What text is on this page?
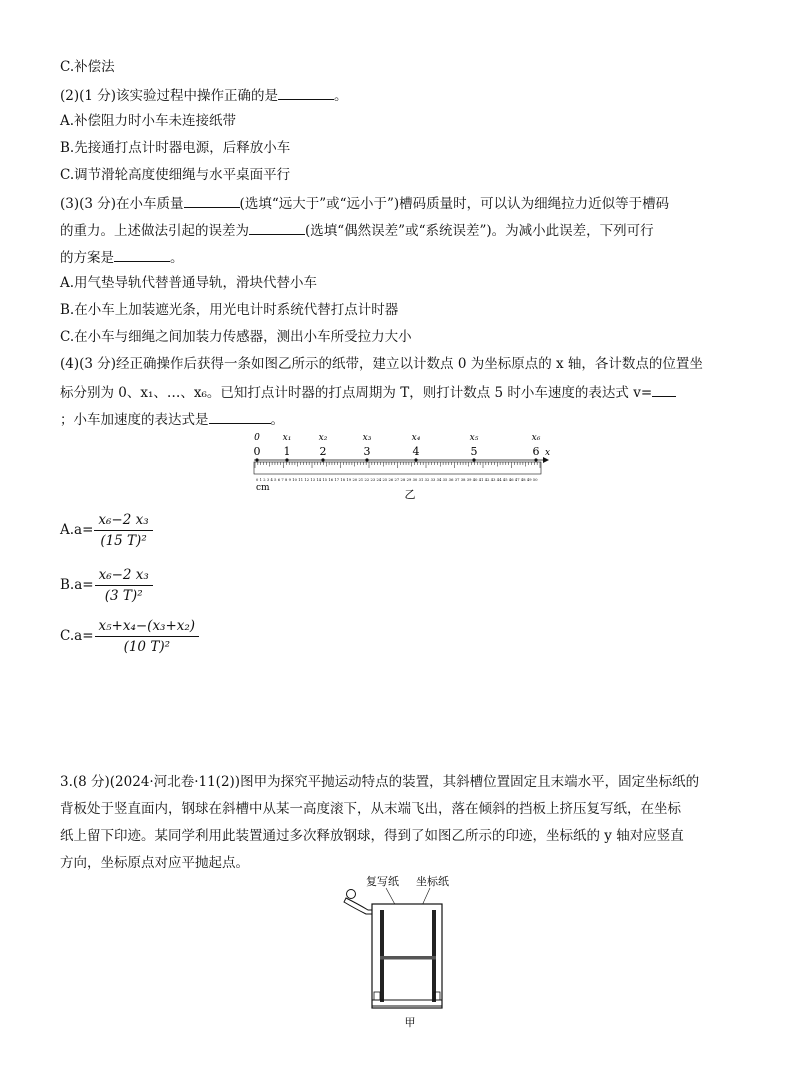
C.补偿法
(2)(1 分)该实验过程中操作正确的是	。
A.补偿阻力时小车未连接纸带
B.先接通打点计时器电源，后释放小车
C.调节滑轮高度使细绳与水平桌面平行
(3)(3 分)在小车质量	(选填“远大于”或“远小于”)槽码质量时，可以认为细绳拉力近似等于槽码
的重力。上述做法引起的误差为	(选填“偶然误差”或“系统误差”)。为减小此误差，下列可行
的方案是	。
A.用气垫导轨代替普通导轨，滑块代替小车
B.在小车上加装遮光条，用光电计时系统代替打点计时器
C.在小车与细绳之间加装力传感器，测出小车所受拉力大小
(4)(3 分)经正确操作后获得一条如图乙所示的纸带，建立以计数点 0 为坐标原点的 x 轴，各计数点的位置坐
标分别为 0、x₁、…、x₆。已知打点计时器的打点周期为 T，则打计数点 5 时小车速度的表达式 v=
；小车加速度的表达式是	。
0	x₁	x₂	x₃	x₄	x₅	x₆
0 1	2	3	4	5	6 x
0 1 2 3 4 5 6 7 8 9 10 11 12 13 14 15 16 17 18 19 20 21 22 23 24 25 26 27 28 29 30 31 32 33 34 35 36 37 38 39 40 41 42 43 44 45 46 47 48 49 50
cm	乙
$A.a= \frac{\text{x₆−2 x₃}}{\text{(15 T)²}}$
$B.a= \frac{\text{x₆−2 x₃}}{\text{(3 T)²}}$
$C.a= \frac{\text{x₅+x₄−(x₃+x₂)}}{\text{(10 T)²}}$
3.(8 分)(2024·河北卷·11(2))图甲为探究平抛运动特点的装置，其斜槽位置固定且末端水平，固定坐标纸的
背板处于竖直面内，钢球在斜槽中从某一高度滚下，从末端飞出，落在倾斜的挡板上挤压复写纸，在坐标
纸上留下印迹。某同学利用此装置通过多次释放钢球，得到了如图乙所示的印迹，坐标纸的 y 轴对应竖直
方向，坐标原点对应平抛起点。
复写纸 坐标纸
甲
